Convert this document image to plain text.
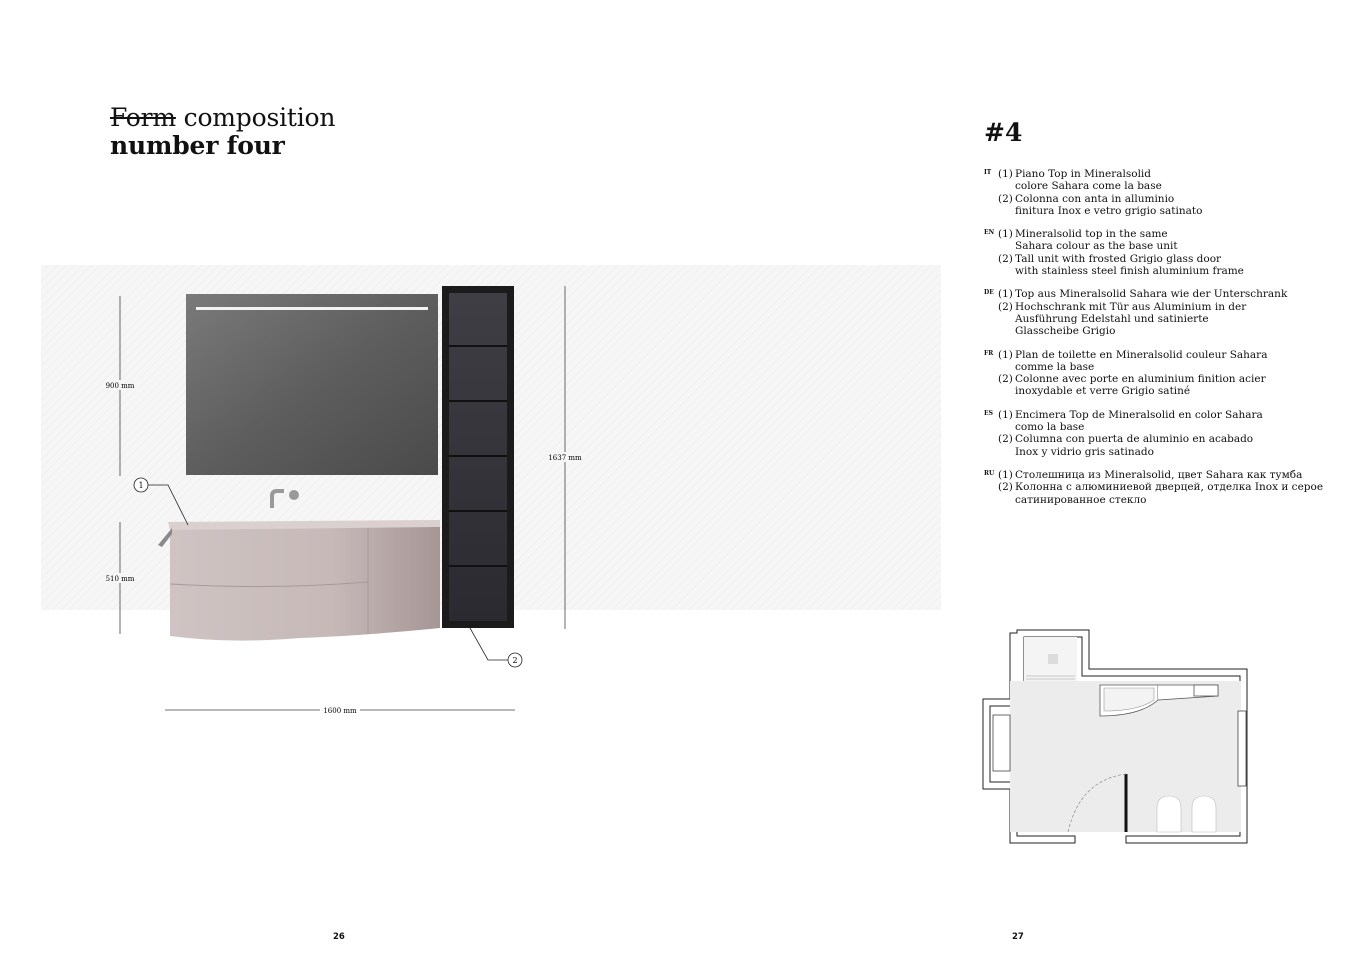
Form composition
number four	#4
IT (1) Piano Top in Mineralsolid
colore Sahara come la base
(2) Colonna con anta in alluminio
finitura Inox e vetro grigio satinato
EN (1) Mineralsolid top in the same
Sahara colour as the base unit
(2) Tall unit with frosted Grigio glass door
with stainless steel finish aluminium frame
DE (1) Top aus Mineralsolid Sahara wie der Unterschrank
(2) Hochschrank mit Tür aus Aluminium in der
Ausführung Edelstahl und satinierte
Glasscheibe Grigio
FR (1) Plan de toilette en Mineralsolid couleur Sahara
comme la base
(2) Colonne avec porte en aluminium finition acier
inoxydable et verre Grigio satiné
ES (1) Encimera Top de Mineralsolid en color Sahara
como la base
(2) Columna con puerta de aluminio en acabado
Inox y vidrio gris satinado
RU (1) Столешница из Mineralsolid, цвет Sahara как тумба
(2) Колонна с алюминиевой дверцей, отделка Inox и серое
сатинированное стекло
900 mm
510 mm
1637 mm
1600 mm
1
2
26	27
